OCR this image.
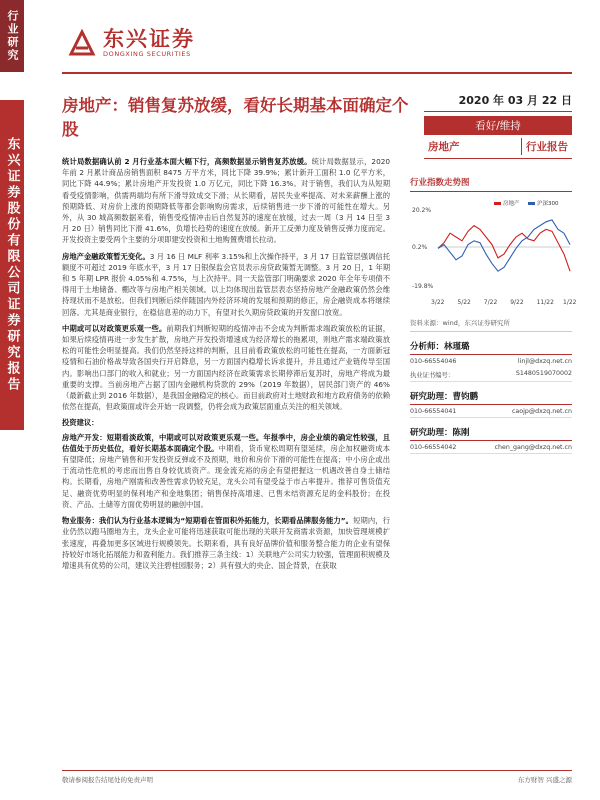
行业研究
东兴证券股份有限公司证券研究报告
东兴证券
DONGXING SECURITIES
房地产：销售复苏放缓，看好长期基本面确定个股
2020 年 03 月 22 日
看好/维持
房地产	行业报告

统计局数据确认前 2 月行业基本面大幅下行，高频数据显示销售复苏放缓。统计局数据显示，2020 年前 2 月累计商品房销售面积 8475 万平方米，同比下降 39.9%；累计新开工面积 1.0 亿平方米，同比下降 44.9%；累计房地产开发投资 1.0 万亿元，同比下降 16.3%。对于销售，我们认为从短期看受疫情影响，供需两端均有所下滑导致成交下滑；从长期看，居民失业率提高、对未来薪酬上涨的预期降低、对房价上涨的预期降低等都会影响购房需求，后续销售进一步下滑的可能性在增大。另外，从 30 城高频数据来看，销售受疫情冲击后自然复苏的速度在放缓，过去一周（3 月 14 日至 3 月 20 日）销售同比下滑 41.6%，负增长趋势的速度在放缓。新开工反弹力度及销售反弹力度而定。开发投资主要受两个主要的分项即建安投资和土地购置费增长拉动。

房地产金融政策暂无变化。3 月 16 日 MLF 利率 3.15%和上次操作持平，3 月 17 日监管层强调信托额度不可超过 2019 年底水平，3 月 17 日银保监会官员表示房贷政策暂无调整。3 月 20 日，1 年期和 5 年期 LPR 报价 4.05%和 4.75%，与上次持平。同一天监管部门明确要求 2020 年全年专项债不得用于土地储备、棚改等与房地产相关领域。以上均体现出监管层表态坚持房地产金融政策仍然会维持现状而不是放松。但我们判断后续伴随国内外经济环境的发展和预期的修正，房企融资成本将继续回落。尤其是商业银行，在稳信息差的动力下，有望对长久期房贷政策的开发窗口放宽。

中期或可以对政策更乐观一些。前期我们判断短期的疫情冲击不会成为判断需求端政策放松的证据，如果后续疫情再进一步发生扩散，房地产开发投资增速成为经济增长的拖累项，则地产需求端政策放松的可能性会明显提高。我们仍然坚持这样的判断，且目前看政策放松的可能性在提高，一方面新冠疫情和石油价格战导致各国央行开启降息，另一方面国内稳增长诉求提升，并且通过产业链传导至国内。影响出口部门的收入和就业；另一方面国内经济在政策需求长期停滞后复苏时，房地产将成为最重要的支撑。当前房地产占据了国内金融机构贷款的 29%（2019 年数据），居民部门资产的 46%（最新截止到 2016 年数据），是我国金融稳定的核心。而目前政府对土地财政和地方政府债务的依赖依然在提高，但政策面或许会开始一段调整，仍将会成为政策层面重点关注的相关领域。

投资建议：

房地产开发：短期看淡政策，中期或可以对政策更乐观一些。年报季中，房企业绩的确定性较强，且估值处于历史低位，看好长期基本面确定个股。中期看，货币宽松周期有望延续，房企加权融资成本有望降低；房地产销售和开发投资反弹或不及预期，地价和房价下滑的可能性在提高；中小房企或出于流动性危机的考虑而出售自身较优质资产。现金流充裕的房企有望把握这一机遇改善自身土储结构。长期看，房地产刚需和改善性需求仍较充足，龙头公司有望受益于市占率提升。推荐可售货值充足、融资优势明显的保利地产和金地集团；销售保持高增速、已售未结资源充足的金科股份；在投资、产品、土储等方面优势明显的融创中国。

物业服务：我们认为行业基本逻辑为“短期看在管面积外拓能力，长期看品牌服务能力”。短期内，行业仍然以跑马圈地为主，龙头企业可能将迅速获取可能出现的关联开发商需求资源，加快管理规模扩张速度，再叠加更多区域进行规模领先。长期来看，具有良好品牌价值和服务整合能力的企业有望保持较好市场化拓展能力和盈利能力。我们推荐三条主线：1）关联地产公司实力较强，管理面积规模及增速具有优势的公司，建议关注碧桂园服务；2）具有强大的央企、国企背景，在获取

行业指数走势图
20.2%
0.2%
-19.8%
房地产	沪深300
3/22 5/22 7/22 9/22 11/22 1/22
资料来源：wind，东兴证券研究所
分析师：林瑾璐
010-66554046	linjl@dxzq.net.cn
执业证书编号：	S1480519070002
研究助理：曹钧鹏
010-66554041	caojp@dxzq.net.cn
研究助理：陈刚
010-66554042	chen_gang@dxzq.net.cn
敬请参阅报告结尾处的免责声明	东方财智 兴盛之源
